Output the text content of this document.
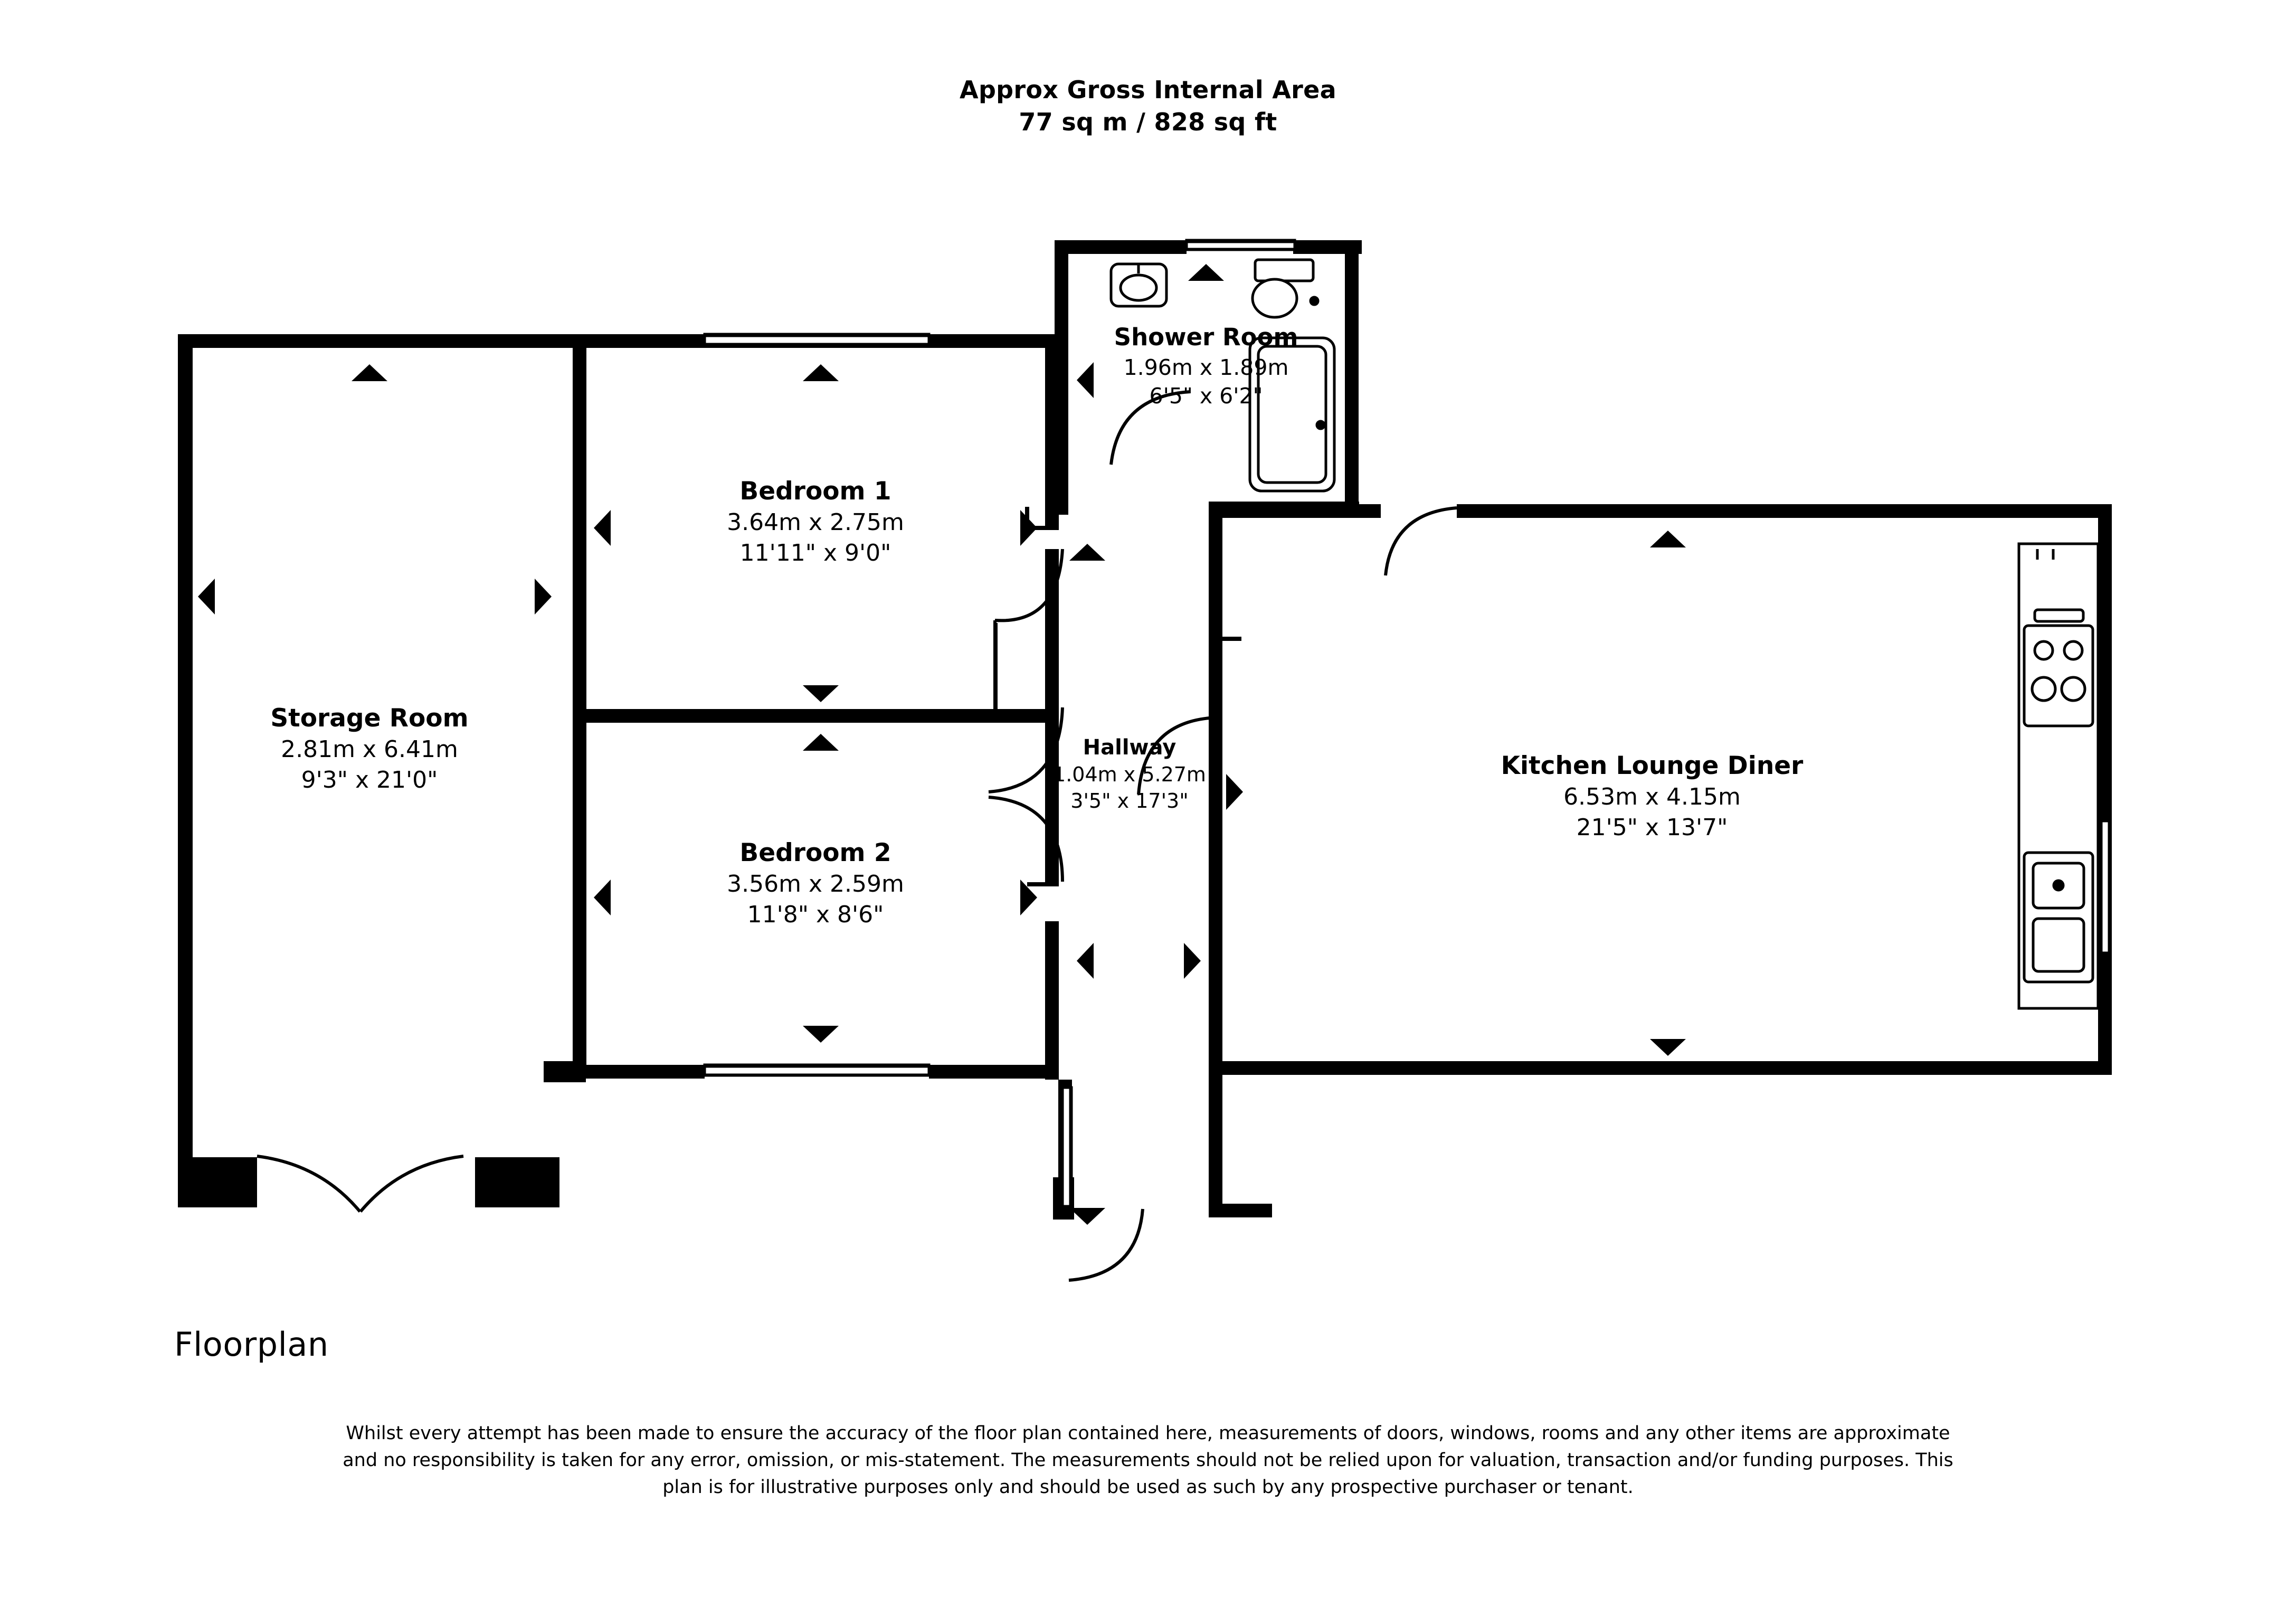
Approx Gross Internal Area
77 sq m / 828 sq ft
Storage Room
2.81m x 6.41m
9'3" x 21'0"
Bedroom 1
3.64m x 2.75m
11'11" x 9'0"
Bedroom 2
3.56m x 2.59m
11'8" x 8'6"
Shower Room
1.96m x 1.89m
6'5" x 6'2"
Hallway
1.04m x 5.27m
3'5" x 17'3"
Kitchen Lounge Diner
6.53m x 4.15m
21'5" x 13'7"
Floorplan
Whilst every attempt has been made to ensure the accuracy of the floor plan contained here, measurements of doors, windows, rooms and any other items are approximate and no responsibility is taken for any error, omission, or mis-statement. The measurements should not be relied upon for valuation, transaction and/or funding purposes. This plan is for illustrative purposes only and should be used as such by any prospective purchaser or tenant.
